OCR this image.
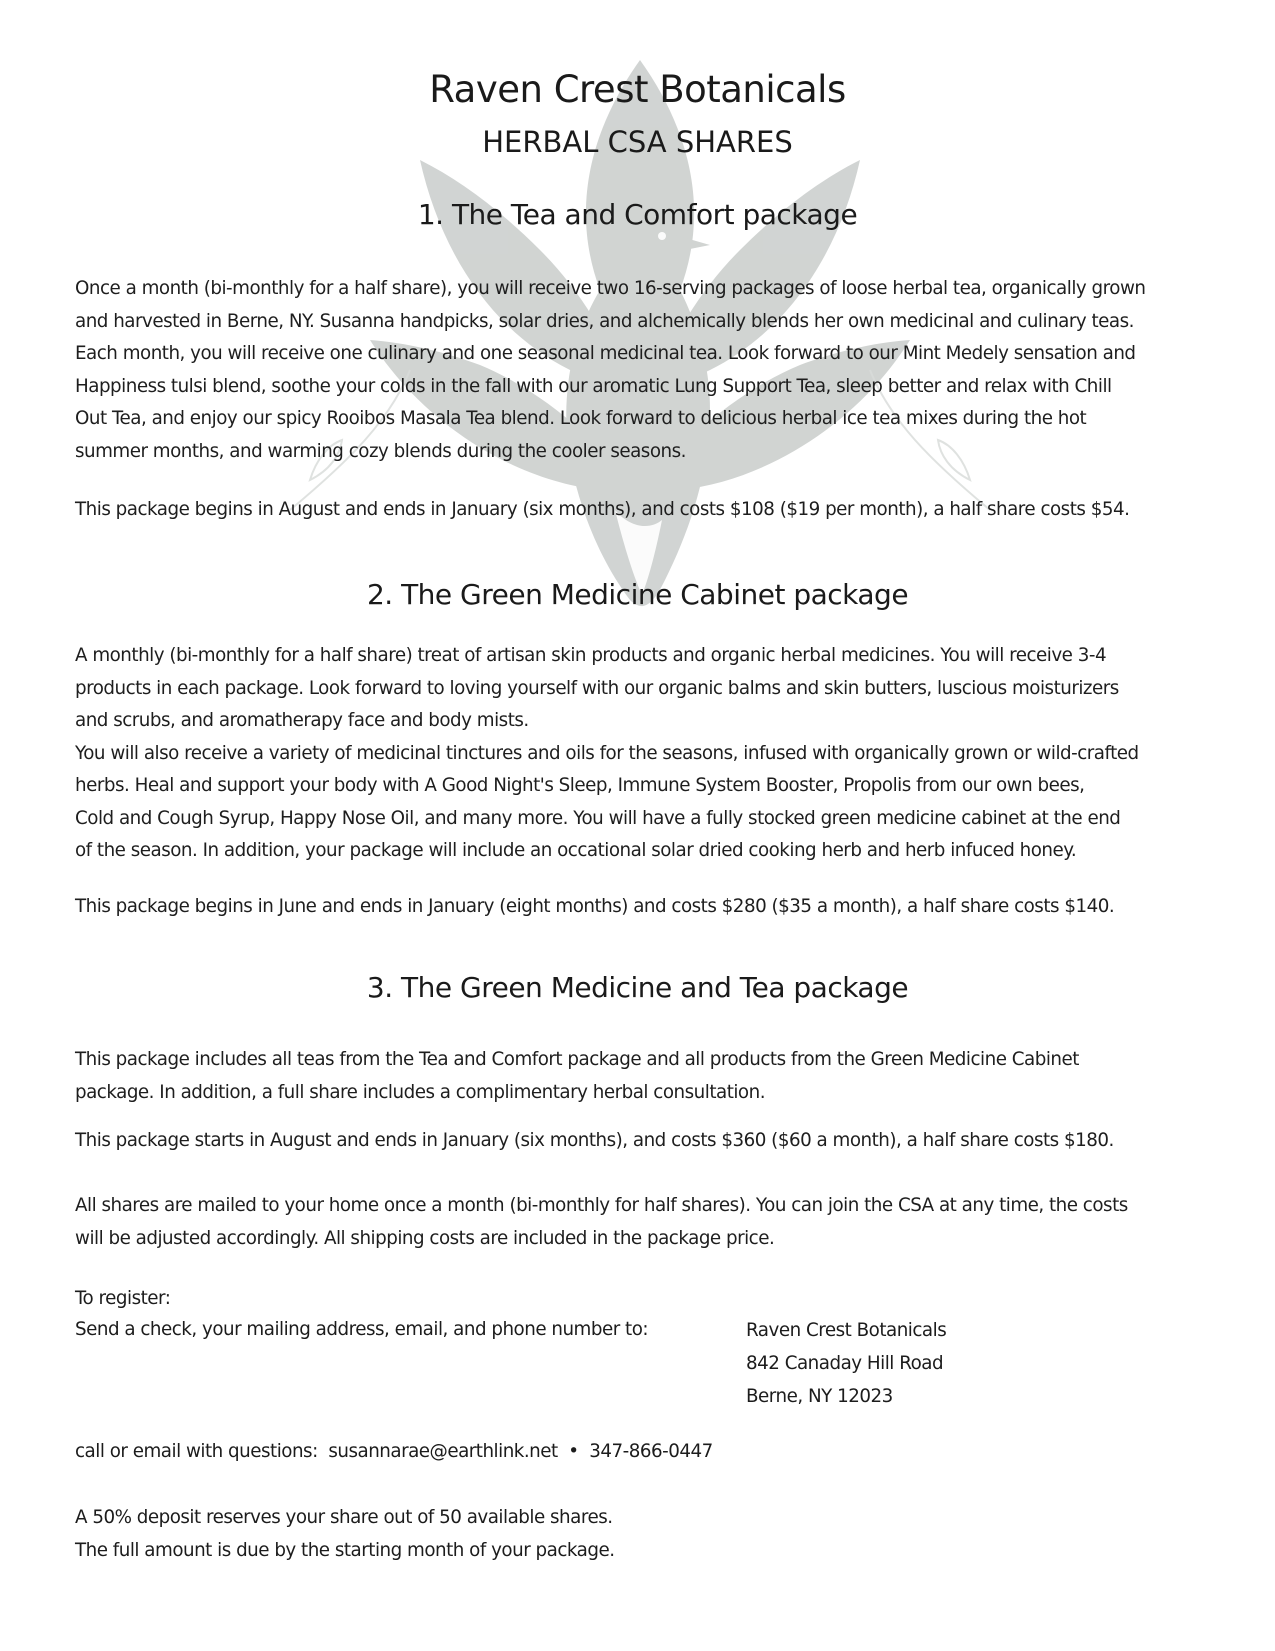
Raven Crest Botanicals
HERBAL CSA SHARES
1. The Tea and Comfort package
Once a month (bi-monthly for a half share), you will receive two 16-serving packages of loose herbal tea, organically grown
and harvested in Berne, NY. Susanna handpicks, solar dries, and alchemically blends her own medicinal and culinary teas.
Each month, you will receive one culinary and one seasonal medicinal tea. Look forward to our Mint Medely sensation and
Happiness tulsi blend, soothe your colds in the fall with our aromatic Lung Support Tea, sleep better and relax with Chill
Out Tea, and enjoy our spicy Rooibos Masala Tea blend. Look forward to delicious herbal ice tea mixes during the hot
summer months, and warming cozy blends during the cooler seasons.
This package begins in August and ends in January (six months), and costs $108 ($19 per month), a half share costs $54.
2. The Green Medicine Cabinet package
A monthly (bi-monthly for a half share) treat of artisan skin products and organic herbal medicines. You will receive 3-4
products in each package. Look forward to loving yourself with our organic balms and skin butters, luscious moisturizers
and scrubs, and aromatherapy face and body mists.
You will also receive a variety of medicinal tinctures and oils for the seasons, infused with organically grown or wild-crafted
herbs. Heal and support your body with A Good Night's Sleep, Immune System Booster, Propolis from our own bees,
Cold and Cough Syrup, Happy Nose Oil, and many more. You will have a fully stocked green medicine cabinet at the end
of the season. In addition, your package will include an occational solar dried cooking herb and herb infuced honey.
This package begins in June and ends in January (eight months) and costs $280 ($35 a month), a half share costs $140.
3. The Green Medicine and Tea package
This package includes all teas from the Tea and Comfort package and all products from the Green Medicine Cabinet
package. In addition, a full share includes a complimentary herbal consultation.
This package starts in August and ends in January (six months), and costs $360 ($60 a month), a half share costs $180.
All shares are mailed to your home once a month (bi-monthly for half shares). You can join the CSA at any time, the costs
will be adjusted accordingly. All shipping costs are included in the package price.
To register:
Send a check, your mailing address, email, and phone number to:	Raven Crest Botanicals
842 Canaday Hill Road
Berne, NY 12023
call or email with questions:  susannarae@earthlink.net  •  347-866-0447
A 50% deposit reserves your share out of 50 available shares.
The full amount is due by the starting month of your package.
